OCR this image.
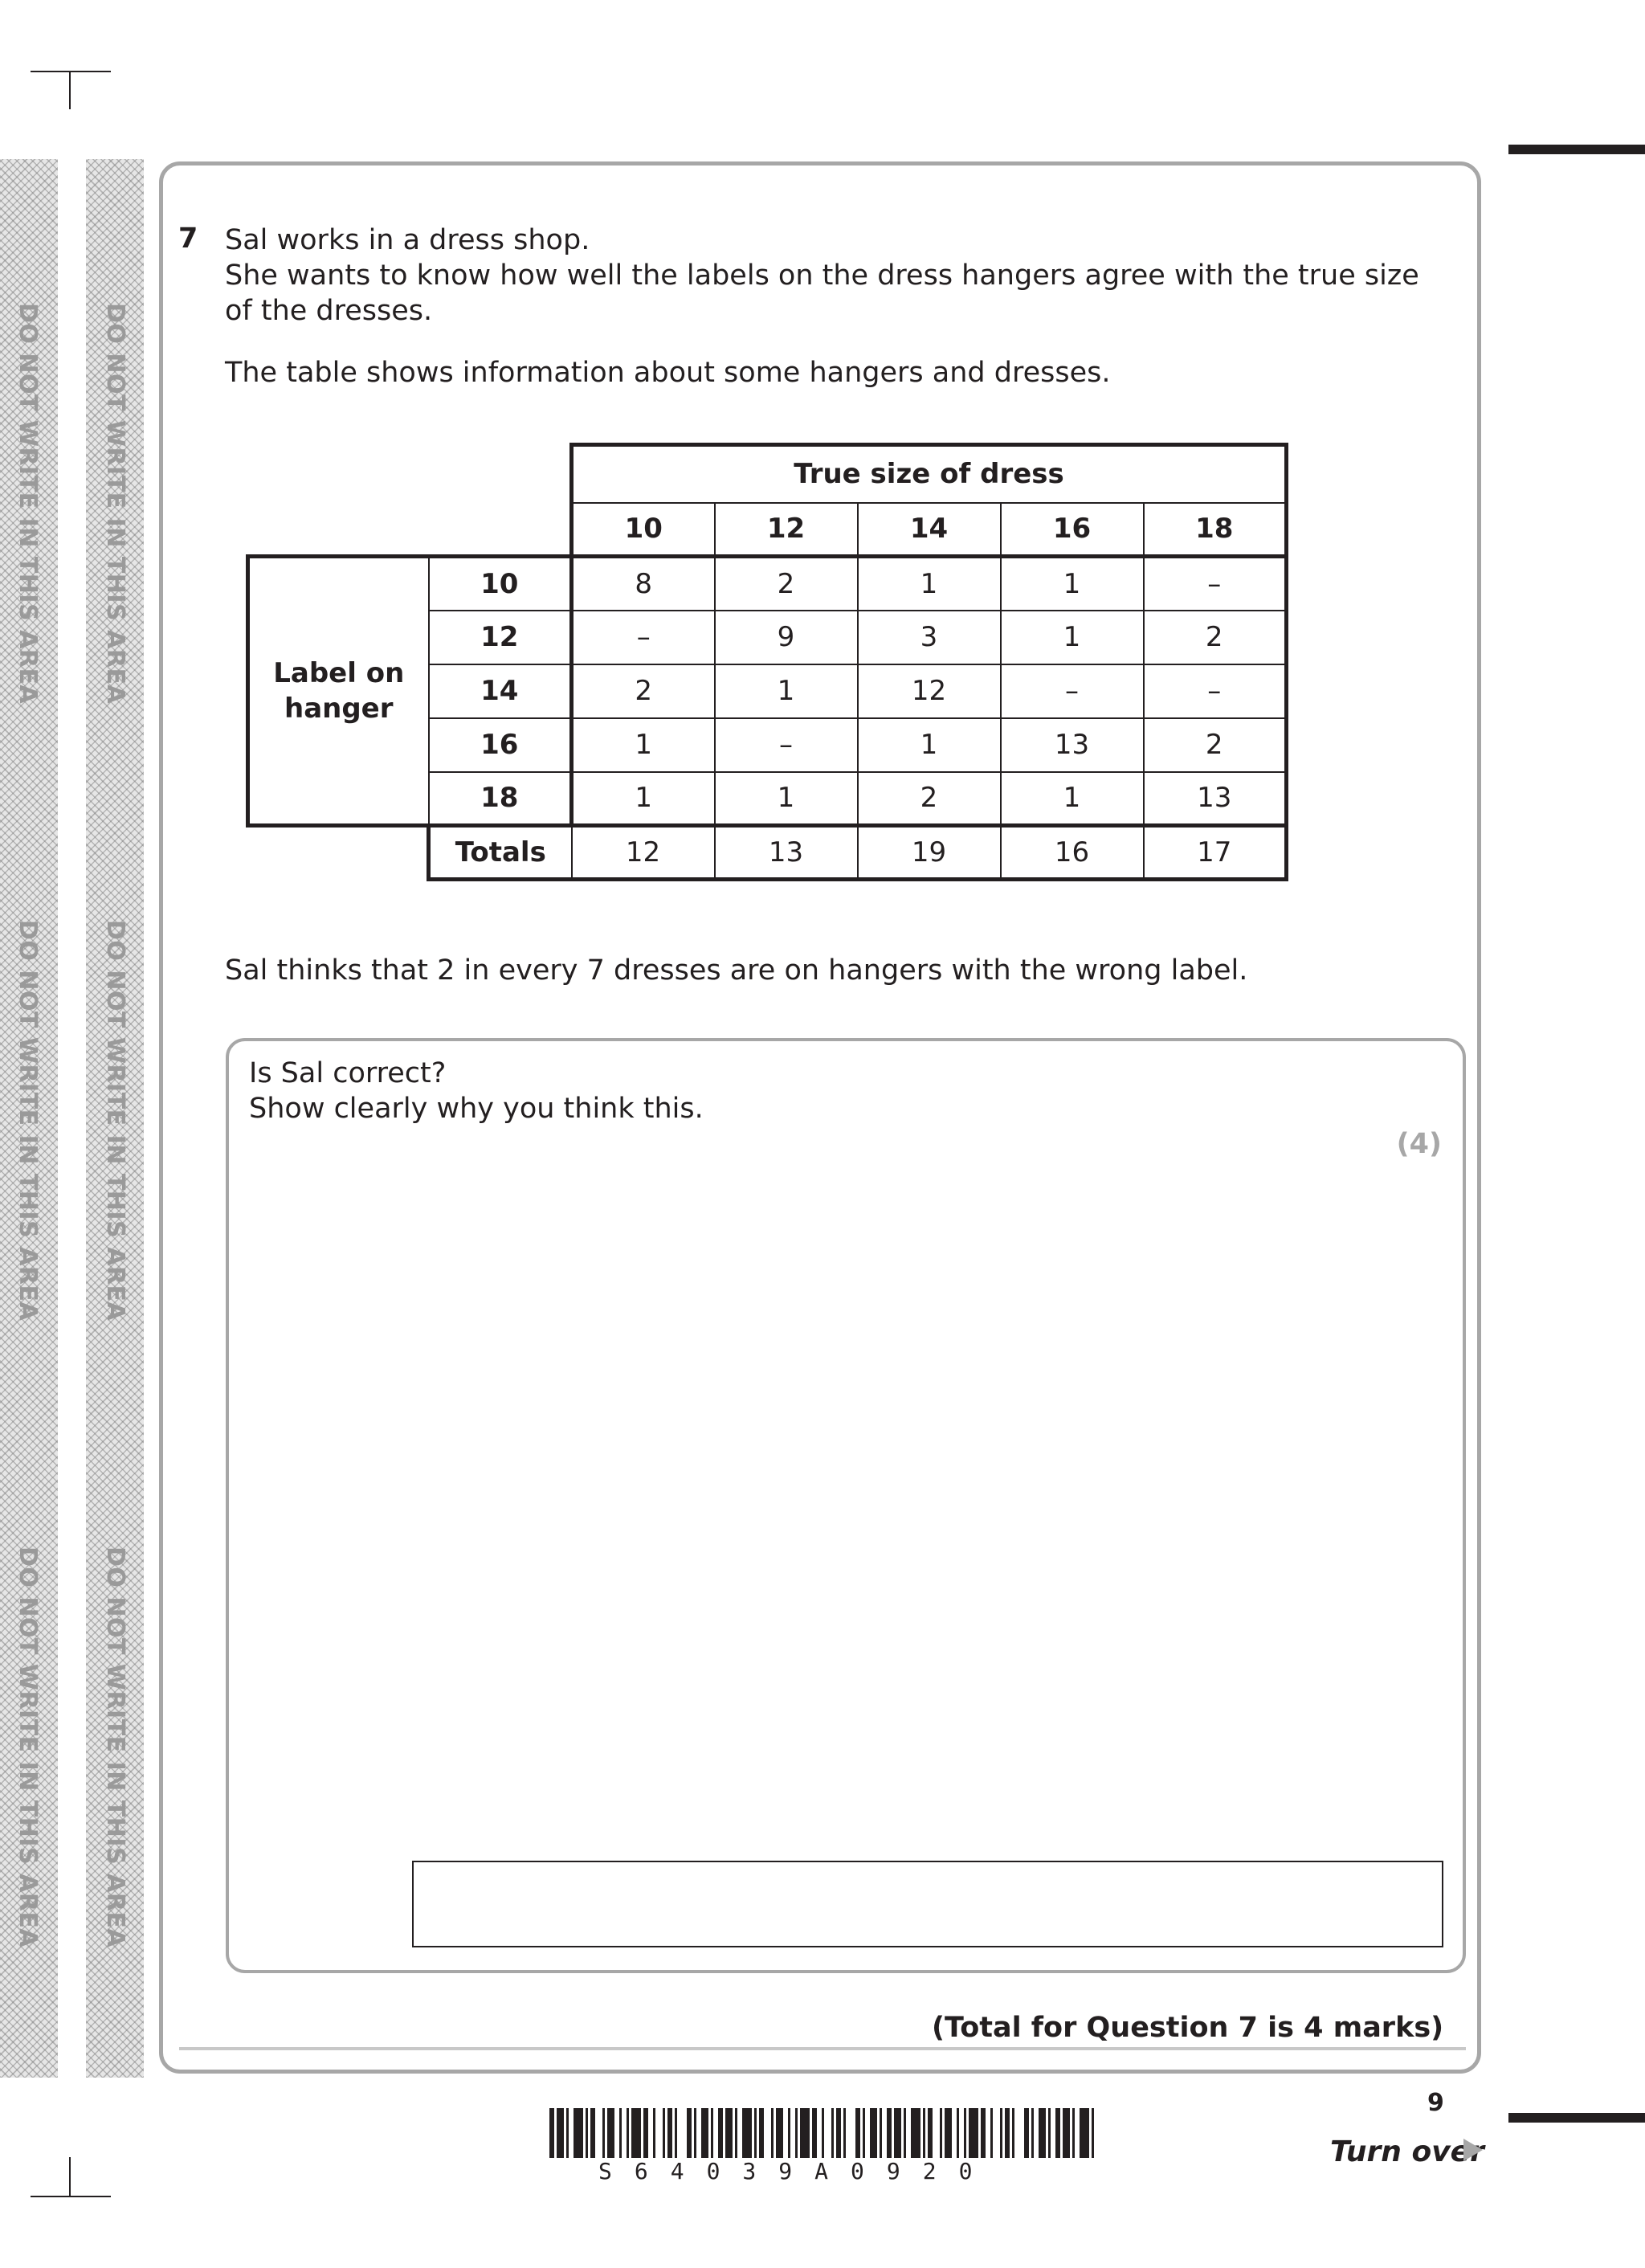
DO NOT WRITE IN THIS AREA
DO NOT WRITE IN THIS AREA
DO NOT WRITE IN THIS AREA
DO NOT WRITE IN THIS AREA
DO NOT WRITE IN THIS AREA
DO NOT WRITE IN THIS AREA
7 Sal works in a dress shop.
She wants to know how well the labels on the dress hangers agree with the true size
of the dresses.
The table shows information about some hangers and dresses.
		True size of dress				
		10	12	14	16	18
Label on hanger	10	8	2	1	1	–
	12	–	9	3	1	2
	14	2	1	12	–	–
	16	1	–	1	13	2
	18	1	1	2	1	13
	Totals	12	13	19	16	17
Sal thinks that 2 in every 7 dresses are on hangers with the wrong label.
Is Sal correct?
Show clearly why you think this.
(4)
(Total for Question 7 is 4 marks)
S64039A0920
9
Turn over
